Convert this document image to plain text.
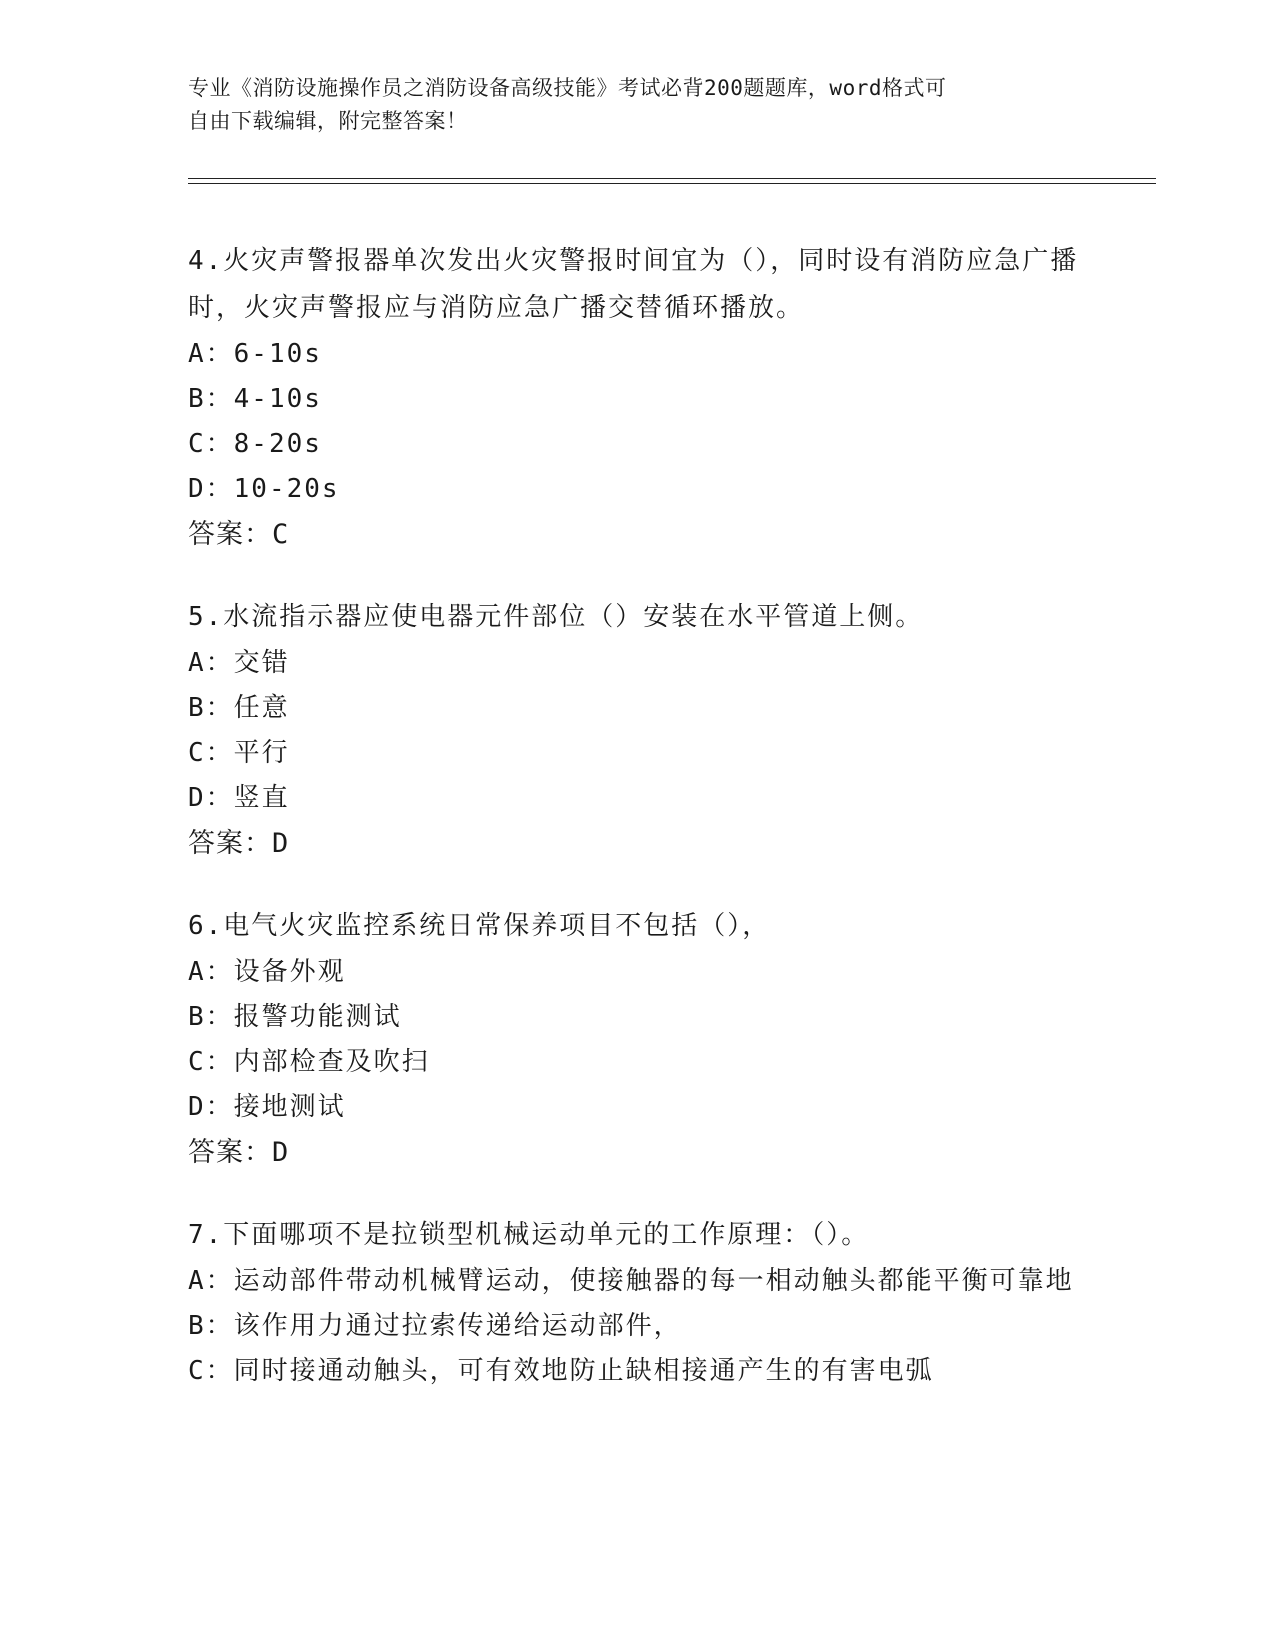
专业《消防设施操作员之消防设备高级技能》考试必背200题题库，word格式可
自由下载编辑，附完整答案！
4.火灾声警报器单次发出火灾警报时间宜为（），同时设有消防应急广播时，火灾声警报应与消防应急广播交替循环播放。
A：6-10s
B：4-10s
C：8-20s
D：10-20s
答案：C
5.水流指示器应使电器元件部位（）安装在水平管道上侧。
A：交错
B：任意
C：平行
D：竖直
答案：D
6.电气火灾监控系统日常保养项目不包括（），
A：设备外观
B：报警功能测试
C：内部检查及吹扫
D：接地测试
答案：D
7.下面哪项不是拉锁型机械运动单元的工作原理：（）。
A：运动部件带动机械臂运动，使接触器的每一相动触头都能平衡可靠地
B：该作用力通过拉索传递给运动部件，
C：同时接通动触头，可有效地防止缺相接通产生的有害电弧
